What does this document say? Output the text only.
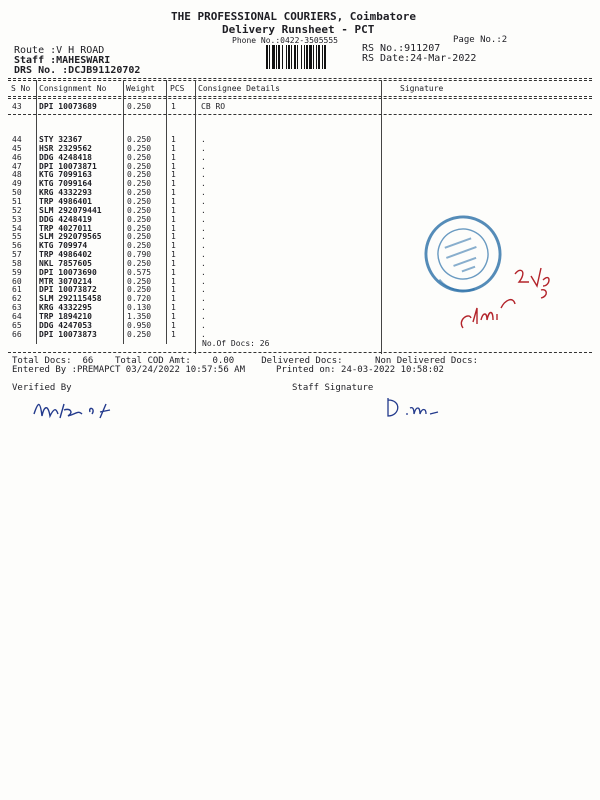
THE PROFESSIONAL COURIERS, Coimbatore
Delivery Runsheet - PCT
Phone No.:0422-3505555	Page No.:2
Route :V H ROAD
Staff :MAHESWARI
DRS No. :DCJB91120702
RS No.:911207
RS Date:24-Mar-2022
S No Consignment No Weight PCS Consignee Details	Signature
43 DPI 10073689	0.250 1	CB RO
44 STY 32367	0.250 1	.
45 HSR 2329562	0.250 1	.
46 DDG 4248418	0.250 1	.
47 DPI 10073871	0.250 1	.
48 KTG 7099163	0.250 1	.
49 KTG 7099164	0.250 1	.
50 KRG 4332293	0.250 1	.
51 TRP 4986401	0.250 1	.
52 SLM 292079441	0.250 1	.
53 DDG 4248419	0.250 1	.
54 TRP 4027011	0.250 1	.
55 SLM 292079565	0.250 1	.
56 KTG 709974	0.250 1	.
57 TRP 4986402	0.790 1	.
58 NKL 7857605	0.250 1	.
59 DPI 10073690	0.575 1	.
60 MTR 3070214	0.250 1	.
61 DPI 10073872	0.250 1	.
62 SLM 292115458	0.720 1	.
63 KRG 4332295	0.130 1	.
64 TRP 1894210	1.350 1	.
65 DDG 4247053	0.950 1	.
66 DPI 10073873	0.250 1	.
No.Of Docs: 26
Total Docs:  66    Total COD Amt:    0.00     Delivered Docs:      Non Delivered Docs:
Entered By :PREMAPCT 03/24/2022 10:57:56 AM	Printed on: 24-03-2022 10:58:02
Verified By	Staff Signature
